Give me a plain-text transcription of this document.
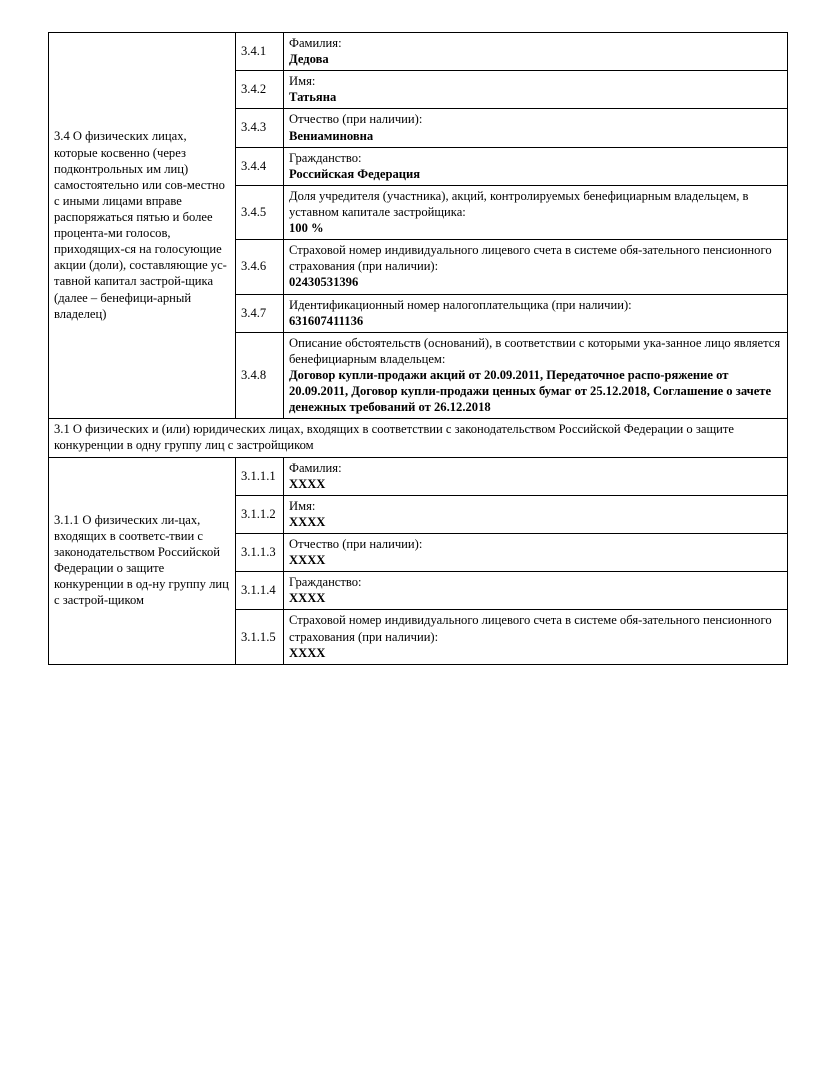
3.4 О физических лицах, которые косвенно (через подконтрольных им лиц) самостоятельно или сов-местно с иными лицами вправе распоряжаться пятью и более процента-ми голосов, приходящих-ся на голосующие акции (доли), составляющие ус-тавной капитал застрой-щика (далее – бенефици-арный владелец)	3.4.1	Фамилия:
Дедова

	3.4.2	Имя:
Татьяна

	3.4.3	Отчество (при наличии):
Вениаминовна

	3.4.4	Гражданство:
Российская Федерация

	3.4.5	Доля учредителя (участника), акций, контролируемых бенефициарным владельцем, в уставном капитале застройщика:
100 %

	3.4.6	Страховой номер индивидуального лицевого счета в системе обя-зательного пенсионного страхования (при наличии):
02430531396

	3.4.7	Идентификационный номер налогоплательщика (при наличии):
631607411136

	3.4.8	Описание обстоятельств (оснований), в соответствии с которыми ука-занное лицо является бенефициарным владельцем:
Договор купли-продажи акций от 20.09.2011, Передаточное распо-ряжение от 20.09.2011, Договор купли-продажи ценных бумаг от 25.12.2018, Соглашение о зачете денежных требований от 26.12.2018

3.1 О физических и (или) юридических лицах, входящих в соответствии с законодательством Российской Федерации о защите конкуренции в одну группу лиц с застройщиком		
3.1.1 О физических ли-цах, входящих в соответс-твии с законодательством Российской Федерации о защите конкуренции в од-ну группу лиц с застрой-щиком	3.1.1.1	Фамилия:
XXXX

	3.1.1.2	Имя:
XXXX

	3.1.1.3	Отчество (при наличии):
XXXX

	3.1.1.4	Гражданство:
XXXX

	3.1.1.5	Страховой номер индивидуального лицевого счета в системе обя-зательного пенсионного страхования (при наличии):
XXXX
